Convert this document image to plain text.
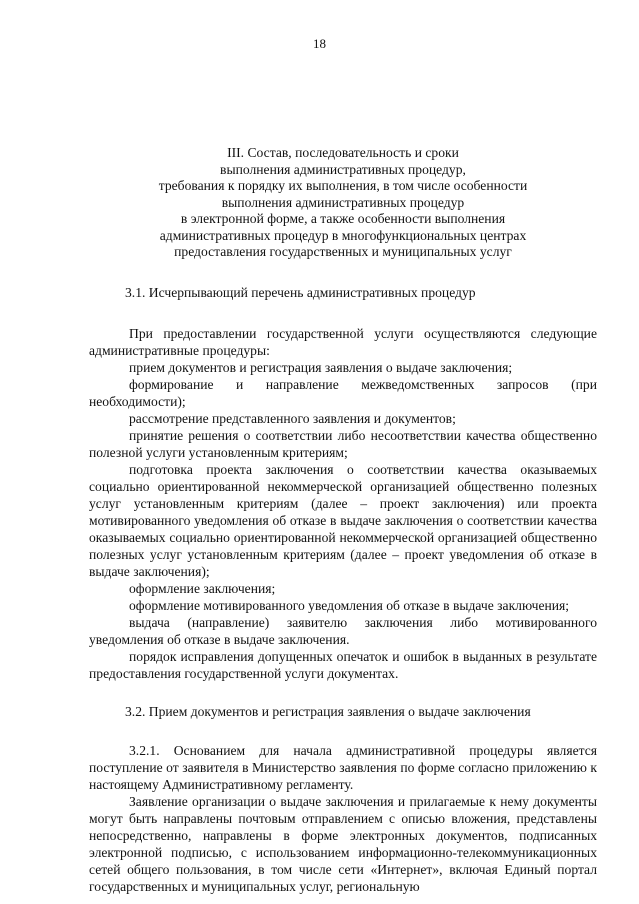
18
III. Состав, последовательность и сроки
выполнения административных процедур,
требования к порядку их выполнения, в том числе особенности
выполнения административных процедур
в электронной форме, а также особенности выполнения
административных процедур в многофункциональных центрах
предоставления государственных и муниципальных услуг
3.1. Исчерпывающий перечень административных процедур

При предоставлении государственной услуги осуществляются следующие административные процедуры:

прием документов и регистрация заявления о выдаче заключения;

формирование и направление межведомственных запросов (при необходимости);

рассмотрение представленного заявления и документов;

принятие решения о соответствии либо несоответствии качества общественно полезной услуги установленным критериям;

подготовка проекта заключения о соответствии качества оказываемых социально ориентированной некоммерческой организацией общественно полезных услуг установленным критериям (далее – проект заключения) или проекта мотивированного уведомления об отказе в выдаче заключения о соответствии качества оказываемых социально ориентированной некоммерческой организацией общественно полезных услуг установленным критериям (далее – проект уведомления об отказе в выдаче заключения);

оформление заключения;

оформление мотивированного уведомления об отказе в выдаче заключения;

выдача (направление) заявителю заключения либо мотивированного уведомления об отказе в выдаче заключения.

порядок исправления допущенных опечаток и ошибок в выданных в результате предоставления государственной услуги документах.

3.2. Прием документов и регистрация заявления о выдаче заключения

3.2.1. Основанием для начала административной процедуры является поступление от заявителя в Министерство заявления по форме согласно приложению к настоящему Административному регламенту.

Заявление организации о выдаче заключения и прилагаемые к нему документы могут быть направлены почтовым отправлением с описью вложения, представлены непосредственно, направлены в форме электронных документов, подписанных электронной подписью, с использованием информационно-телекоммуникационных сетей общего пользования, в том числе сети «Интернет», включая Единый портал государственных и муниципальных услуг, региональную
